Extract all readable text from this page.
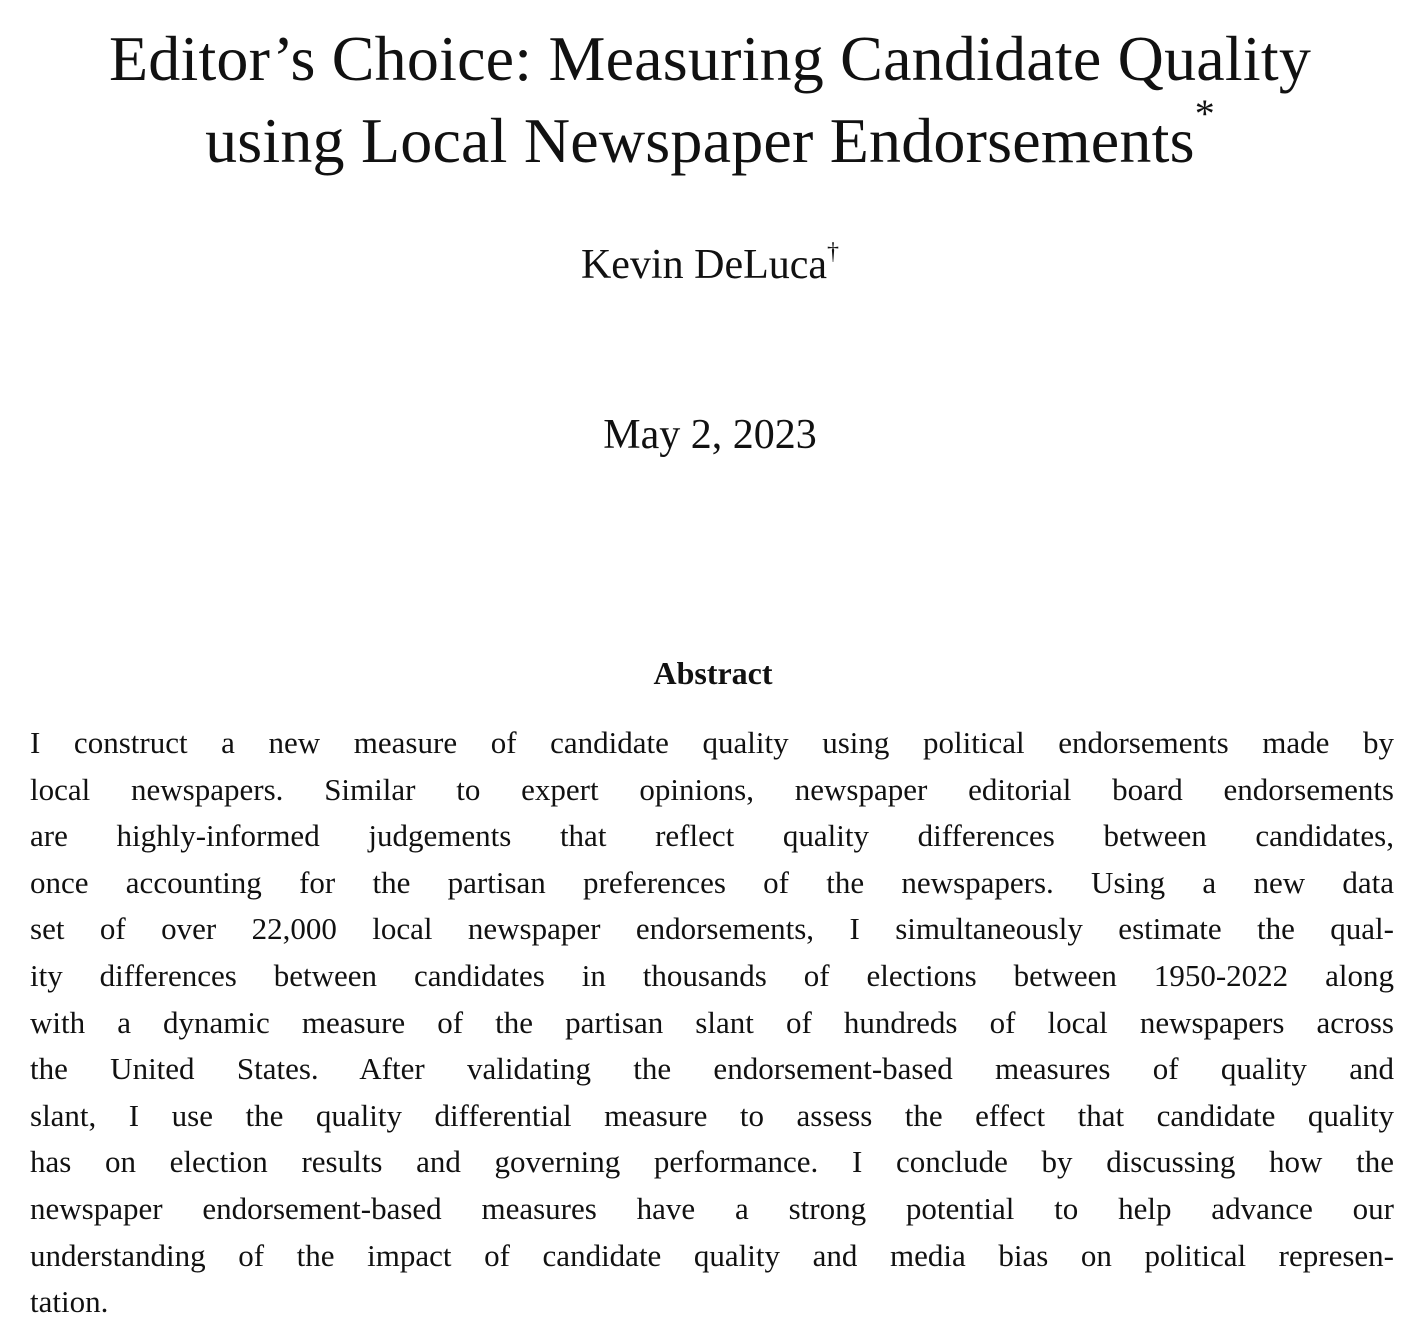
Editor’s Choice: Measuring Candidate Quality
using Local Newspaper Endorsements*
Kevin DeLuca†
May 2, 2023
Abstract
I construct a new measure of candidate quality using political endorsements made by
local newspapers. Similar to expert opinions, newspaper editorial board endorsements
are highly-informed judgements that reflect quality differences between candidates,
once accounting for the partisan preferences of the newspapers. Using a new data
set of over 22,000 local newspaper endorsements, I simultaneously estimate the qual-
ity differences between candidates in thousands of elections between 1950-2022 along
with a dynamic measure of the partisan slant of hundreds of local newspapers across
the United States. After validating the endorsement-based measures of quality and
slant, I use the quality differential measure to assess the effect that candidate quality
has on election results and governing performance. I conclude by discussing how the
newspaper endorsement-based measures have a strong potential to help advance our
understanding of the impact of candidate quality and media bias on political represen-
tation.
